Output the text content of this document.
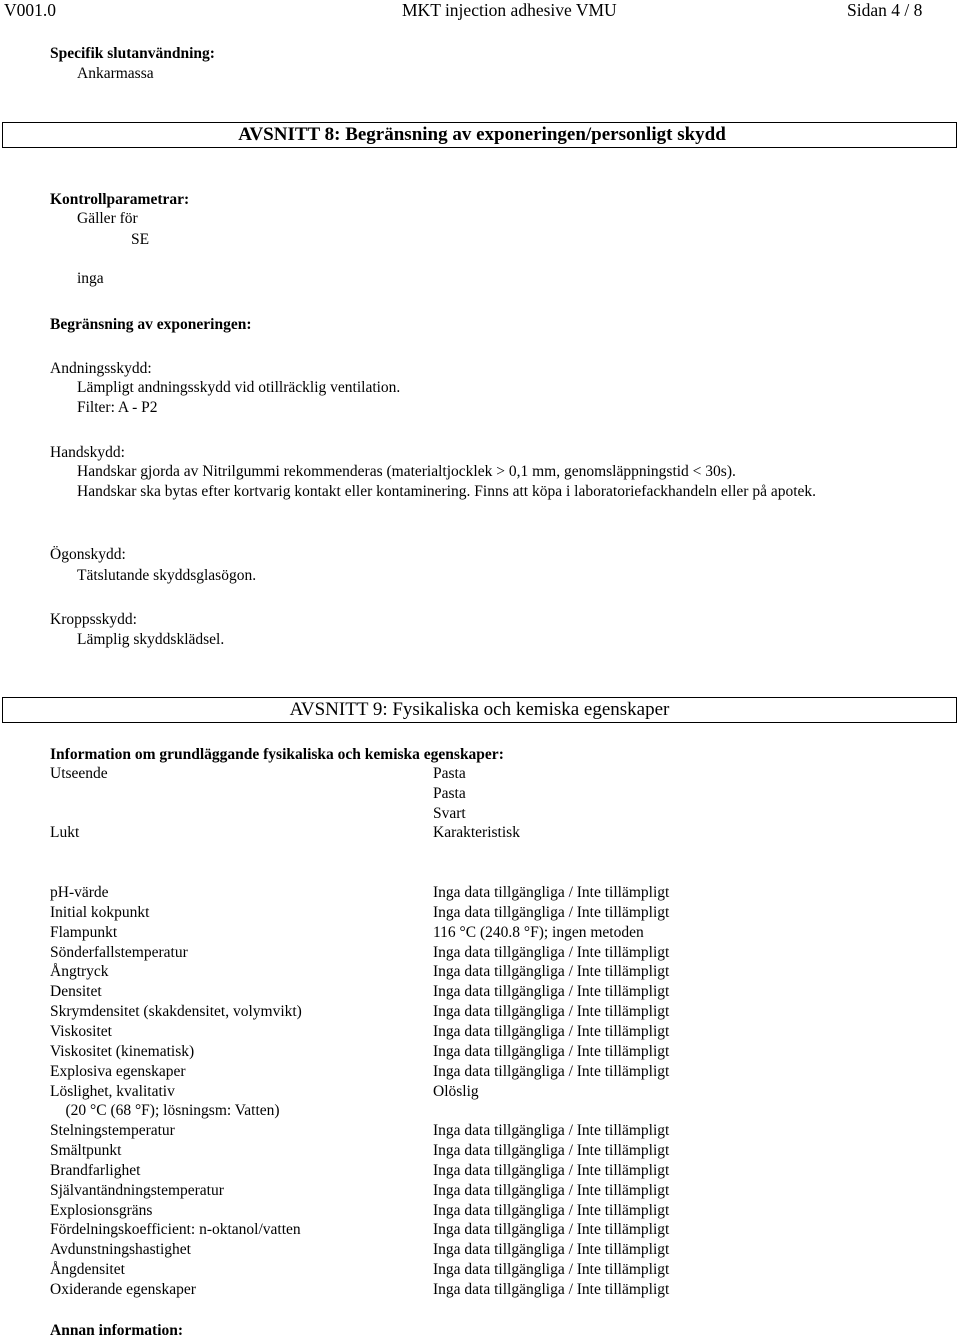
V001.0	MKT injection adhesive VMU	Sidan 4 / 8
Specifik slutanvändning:
Ankarmassa
AVSNITT 8: Begränsning av exponeringen/personligt skydd
Kontrollparametrar:
Gäller för
SE
inga
Begränsning av exponeringen:
Andningsskydd:
Lämpligt andningsskydd vid otillräcklig ventilation.
Filter: A - P2
Handskydd:
Handskar gjorda av Nitrilgummi rekommenderas (materialtjocklek > 0,1 mm, genomsläppningstid < 30s).
Handskar ska bytas efter kortvarig kontakt eller kontaminering. Finns att köpa i laboratoriefackhandeln eller på apotek.
Ögonskydd:
Tätslutande skyddsglasögon.
Kroppsskydd:
Lämplig skyddsklädsel.
AVSNITT 9: Fysikaliska och kemiska egenskaper
Information om grundläggande fysikaliska och kemiska egenskaper:
Utseende	Pasta
Pasta
Svart
Lukt	Karakteristisk
pH-värde	Inga data tillgängliga / Inte tillämpligt
Initial kokpunkt	Inga data tillgängliga / Inte tillämpligt
Flampunkt	116 °C (240.8 °F); ingen metoden
Sönderfallstemperatur	Inga data tillgängliga / Inte tillämpligt
Ångtryck	Inga data tillgängliga / Inte tillämpligt
Densitet	Inga data tillgängliga / Inte tillämpligt
Skrymdensitet (skakdensitet, volymvikt)	Inga data tillgängliga / Inte tillämpligt
Viskositet	Inga data tillgängliga / Inte tillämpligt
Viskositet (kinematisk)	Inga data tillgängliga / Inte tillämpligt
Explosiva egenskaper	Inga data tillgängliga / Inte tillämpligt
Löslighet, kvalitativ	Olöslig
(20 °C (68 °F); lösningsm: Vatten)
Stelningstemperatur	Inga data tillgängliga / Inte tillämpligt
Smältpunkt	Inga data tillgängliga / Inte tillämpligt
Brandfarlighet	Inga data tillgängliga / Inte tillämpligt
Självantändningstemperatur	Inga data tillgängliga / Inte tillämpligt
Explosionsgräns	Inga data tillgängliga / Inte tillämpligt
Fördelningskoefficient: n-oktanol/vatten	Inga data tillgängliga / Inte tillämpligt
Avdunstningshastighet	Inga data tillgängliga / Inte tillämpligt
Ångdensitet	Inga data tillgängliga / Inte tillämpligt
Oxiderande egenskaper	Inga data tillgängliga / Inte tillämpligt
Annan information:
